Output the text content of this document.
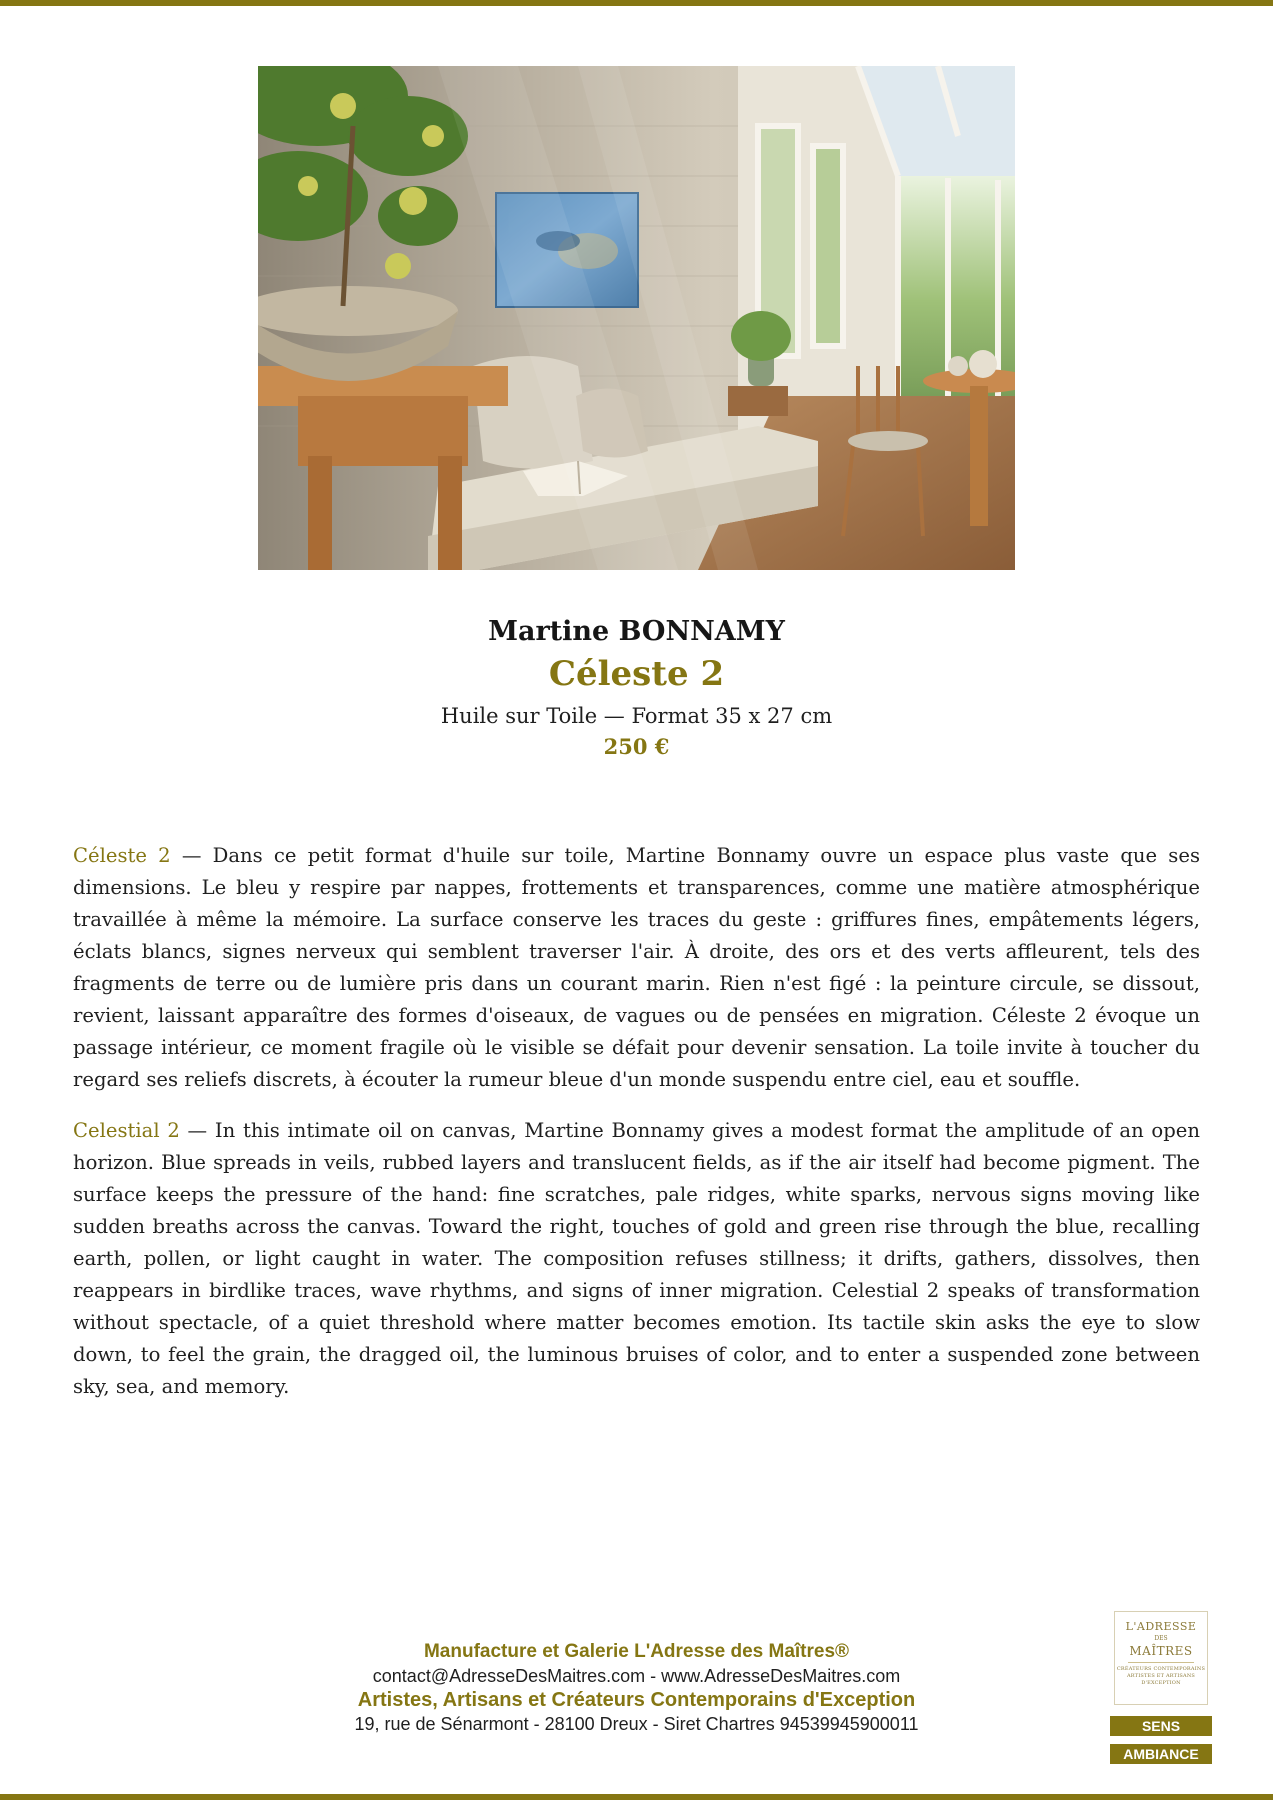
Martine BONNAMY
Céleste 2
Huile sur Toile — Format 35 x 27 cm
250 €

Céleste 2 — Dans ce petit format d'huile sur toile, Martine Bonnamy ouvre un espace plus vaste que ses dimensions. Le bleu y respire par nappes, frottements et transparences, comme une matière atmosphérique travaillée à même la mémoire. La surface conserve les traces du geste : griffures fines, empâtements légers, éclats blancs, signes nerveux qui semblent traverser l'air. À droite, des ors et des verts affleurent, tels des fragments de terre ou de lumière pris dans un courant marin. Rien n'est figé : la peinture circule, se dissout, revient, laissant apparaître des formes d'oiseaux, de vagues ou de pensées en migration. Céleste 2 évoque un passage intérieur, ce moment fragile où le visible se défait pour devenir sensation. La toile invite à toucher du regard ses reliefs discrets, à écouter la rumeur bleue d'un monde suspendu entre ciel, eau et souffle.

Celestial 2 — In this intimate oil on canvas, Martine Bonnamy gives a modest format the amplitude of an open horizon. Blue spreads in veils, rubbed layers and translucent fields, as if the air itself had become pigment. The surface keeps the pressure of the hand: fine scratches, pale ridges, white sparks, nervous signs moving like sudden breaths across the canvas. Toward the right, touches of gold and green rise through the blue, recalling earth, pollen, or light caught in water. The composition refuses stillness; it drifts, gathers, dissolves, then reappears in birdlike traces, wave rhythms, and signs of inner migration. Celestial 2 speaks of transformation without spectacle, of a quiet threshold where matter becomes emotion. Its tactile skin asks the eye to slow down, to feel the grain, the dragged oil, the luminous bruises of color, and to enter a suspended zone between sky, sea, and memory.

Manufacture et Galerie L'Adresse des Maîtres®
contact@AdresseDesMaitres.com - www.AdresseDesMaitres.com
Artistes, Artisans et Créateurs Contemporains d'Exception
19, rue de Sénarmont - 28100 Dreux - Siret Chartres 94539945900011
L'ADRESSE
DES
MAÎTRES
CRÉATEURS CONTEMPORAINS
ARTISTES ET ARTISANS
D'EXCEPTION
SENS
AMBIANCE
